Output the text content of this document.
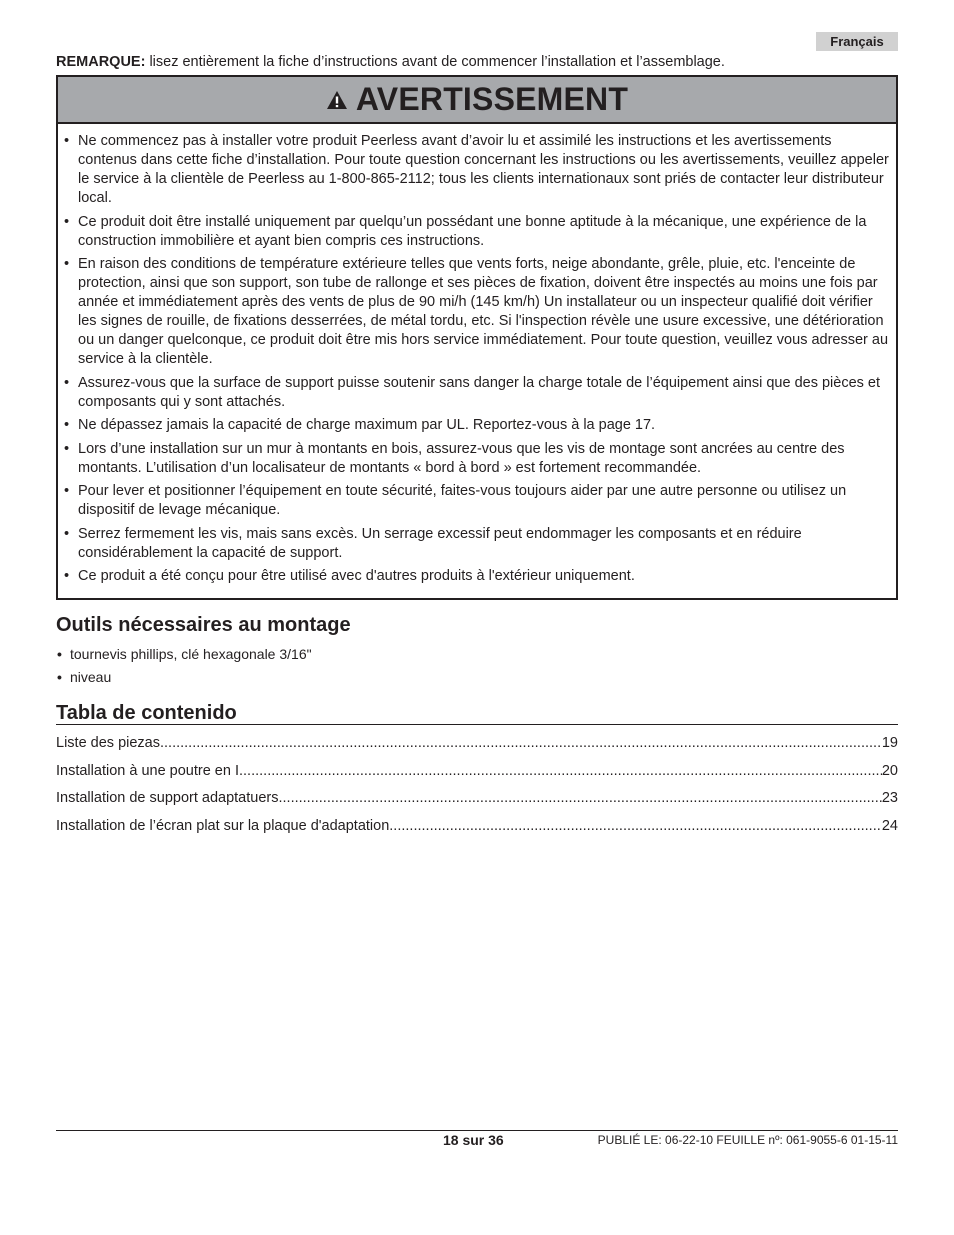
Français
REMARQUE: lisez entièrement la fiche d’instructions avant de commencer l’installation et l’assemblage.
AVERTISSEMENT
• Ne commencez pas à installer votre produit Peerless avant d’avoir lu et assimilé les instructions et les avertissements contenus dans cette fiche d’installation. Pour toute question concernant les instructions ou les avertissements, veuillez appeler le service à la clientèle de Peerless au 1-800-865-2112; tous les clients internationaux sont priés de contacter leur distributeur local.
• Ce produit doit être installé uniquement par quelqu’un possédant une bonne aptitude à la mécanique, une expérience de la construction immobilière et ayant bien compris ces instructions.
• En raison des conditions de température extérieure telles que vents forts, neige abondante, grêle, pluie, etc. l'enceinte de protection, ainsi que son support, son tube de rallonge et ses pièces de fixation, doivent être inspectés au moins une fois par année et immédiatement après des vents de plus de 90 mi/h (145 km/h) Un installateur ou un inspecteur qualifié doit vérifier les signes de rouille, de fixations desserrées, de métal tordu, etc. Si l'inspection révèle une usure excessive, une détérioration ou un danger quelconque, ce produit doit être mis hors service immédiatement. Pour toute question, veuillez vous adresser au service à la clientèle.
• Assurez-vous que la surface de support puisse soutenir sans danger la charge totale de l’équipement ainsi que des pièces et composants qui y sont attachés.
• Ne dépassez jamais la capacité de charge maximum par UL. Reportez-vous à la page 17.
• Lors d’une installation sur un mur à montants en bois, assurez-vous que les vis de montage sont ancrées au centre des montants. L’utilisation d’un localisateur de montants « bord à bord » est fortement recommandée.
• Pour lever et positionner l’équipement en toute sécurité, faites-vous toujours aider par une autre personne ou utilisez un dispositif de levage mécanique.
• Serrez fermement les vis, mais sans excès. Un serrage excessif peut endommager les composants et en réduire considérablement la capacité de support.
• Ce produit a été conçu pour être utilisé avec d'autres produits à l'extérieur uniquement.
Outils nécessaires au montage
• tournevis phillips, clé hexagonale 3/16"
• niveau
Tabla de contenido
Liste des piezas .....	19
Installation à une poutre en I .....	20
Installation de support adaptatuers .....	23
Installation de l’écran plat sur la plaque d'adaptation .....	24
18 sur 36	PUBLIÉ LE: 06-22-10 FEUILLE nº: 061-9055-6 01-15-11
